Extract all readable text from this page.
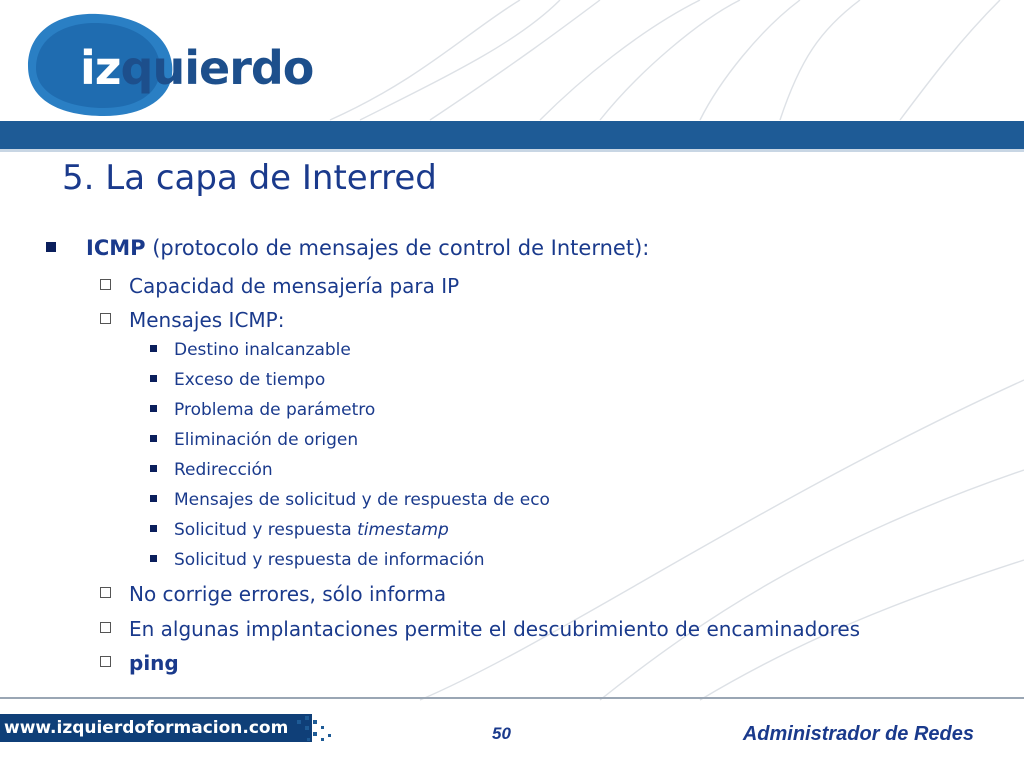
izquierdo
5. La capa de Interred
ICMP (protocolo de mensajes de control de Internet):
Capacidad de mensajería para IP
Mensajes ICMP:
Destino inalcanzable
Exceso de tiempo
Problema de parámetro
Eliminación de origen
Redirección
Mensajes de solicitud y de respuesta de eco
Solicitud y respuesta timestamp
Solicitud y respuesta de información
No corrige errores, sólo informa
En algunas implantaciones permite el descubrimiento de encaminadores
ping
www.izquierdoformacion.com	50	Administrador de Redes
